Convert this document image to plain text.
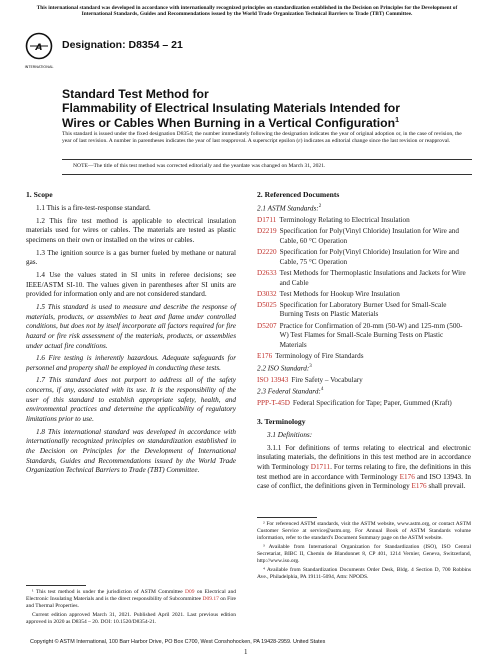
This international standard was developed in accordance with internationally recognized principles on standardization established in the Decision on Principles for the Development of International Standards, Guides and Recommendations issued by the World Trade Organization Technical Barriers to Trade (TBT) Committee.
A
INTERNATIONAL
Designation: D8354 – 21
Standard Test Method for
Flammability of Electrical Insulating Materials Intended for
Wires or Cables When Burning in a Vertical Configuration$^1$
This standard is issued under the fixed designation D8354; the number immediately following the designation indicates the year of original adoption or, in the case of revision, the year of last revision. A number in parentheses indicates the year of last reapproval. A superscript epsilon (ε) indicates an editorial change since the last revision or reapproval.
NOTE—The title of this test method was corrected editorially and the yeardate was changed on March 31, 2021.
1. Scope

1.1 This is a fire-test-response standard.

1.2 This fire test method is applicable to electrical insulation materials used for wires or cables. The materials are tested as plastic specimens on their own or installed on the wires or cables.

1.3 The ignition source is a gas burner fueled by methane or natural gas.

1.4 Use the values stated in SI units in referee decisions; see IEEE/ASTM SI-10. The values given in parentheses after SI units are provided for information only and are not considered standard.

1.5 This standard is used to measure and describe the response of materials, products, or assemblies to heat and flame under controlled conditions, but does not by itself incorporate all factors required for fire hazard or fire risk assessment of the materials, products, or assemblies under actual fire conditions.

1.6 Fire testing is inherently hazardous. Adequate safeguards for personnel and property shall be employed in conducting these tests.

1.7 This standard does not purport to address all of the safety concerns, if any, associated with its use. It is the responsibility of the user of this standard to establish appropriate safety, health, and environmental practices and determine the applicability of regulatory limitations prior to use.

1.8 This international standard was developed in accordance with internationally recognized principles on standardization established in the Decision on Principles for the Development of International Standards, Guides and Recommendations issued by the World Trade Organization Technical Barriers to Trade (TBT) Committee.

¹ This test method is under the jurisdiction of ASTM Committee D09 on Electrical and Electronic Insulating Materials and is the direct responsibility of Subcommittee D09.17 on Fire and Thermal Properties.

Current edition approved March 31, 2021. Published April 2021. Last previous edition approved in 2020 as D8354 – 20. DOI: 10.1520/D8354-21.

2. Referenced Documents
2.1 ASTM Standards:$^2$
D1711 Terminology Relating to Electrical Insulation
D2219 Specification for Poly(Vinyl Chloride) Insulation for Wire and Cable, 60 °C Operation
D2220 Specification for Poly(Vinyl Chloride) Insulation for Wire and Cable, 75 °C Operation
D2633 Test Methods for Thermoplastic Insulations and Jackets for Wire and Cable
D3032 Test Methods for Hookup Wire Insulation
D5025 Specification for Laboratory Burner Used for Small-Scale Burning Tests on Plastic Materials
D5207 Practice for Confirmation of 20-mm (50-W) and 125-mm (500-W) Test Flames for Small-Scale Burning Tests on Plastic Materials
E176 Terminology of Fire Standards
2.2 ISO Standard:$^3$
ISO 13943 Fire Safety – Vocabulary
2.3 Federal Standard:$^4$
PPP-T-45D Federal Specification for Tape; Paper, Gummed (Kraft)
3. Terminology

3.1 Definitions:

3.1.1 For definitions of terms relating to electrical and electronic insulating materials, the definitions in this test method are in accordance with Terminology D1711. For terms relating to fire, the definitions in this test method are in accordance with Terminology E176 and ISO 13943. In case of conflict, the definitions given in Terminology E176 shall prevail.

² For referenced ASTM standards, visit the ASTM website, www.astm.org, or contact ASTM Customer Service at service@astm.org. For Annual Book of ASTM Standards volume information, refer to the standard's Document Summary page on the ASTM website.

³ Available from International Organization for Standardization (ISO), ISO Central Secretariat, BIBC II, Chemin de Blandonnet 8, CP 401, 1214 Vernier, Geneva, Switzerland, http://www.iso.org.

⁴ Available from Standardization Documents Order Desk, Bldg. 4 Section D, 700 Robbins Ave., Philadelphia, PA 19111-5094, Attn: NPODS.

Copyright © ASTM International, 100 Barr Harbor Drive, PO Box C700, West Conshohocken, PA 19428-2959. United States
1
